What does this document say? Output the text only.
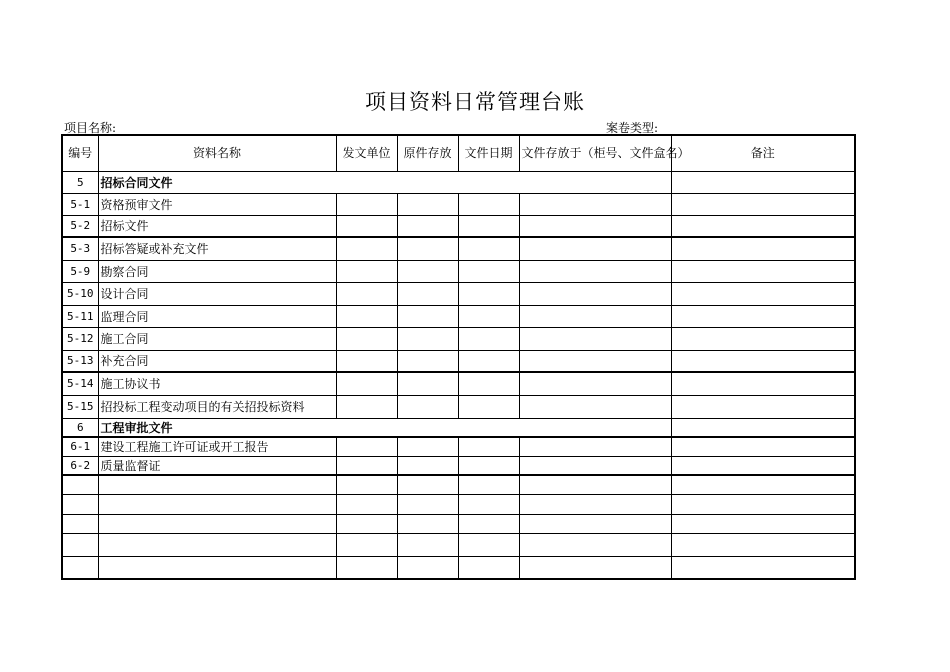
项目资料日常管理台账
项目名称:	案卷类型:
编号	资料名称	发文单位	原件存放	文件日期	文件存放于（柜号、文件盒名）	备注
5	招标合同文件					
5-1	资格预审文件					
5-2	招标文件					
5-3	招标答疑或补充文件					
5-9	勘察合同					
5-10	设计合同					
5-11	监理合同					
5-12	施工合同					
5-13	补充合同					
5-14	施工协议书					
5-15	招投标工程变动项目的有关招投标资料					
6	工程审批文件					
6-1	建设工程施工许可证或开工报告					
6-2	质量监督证					
